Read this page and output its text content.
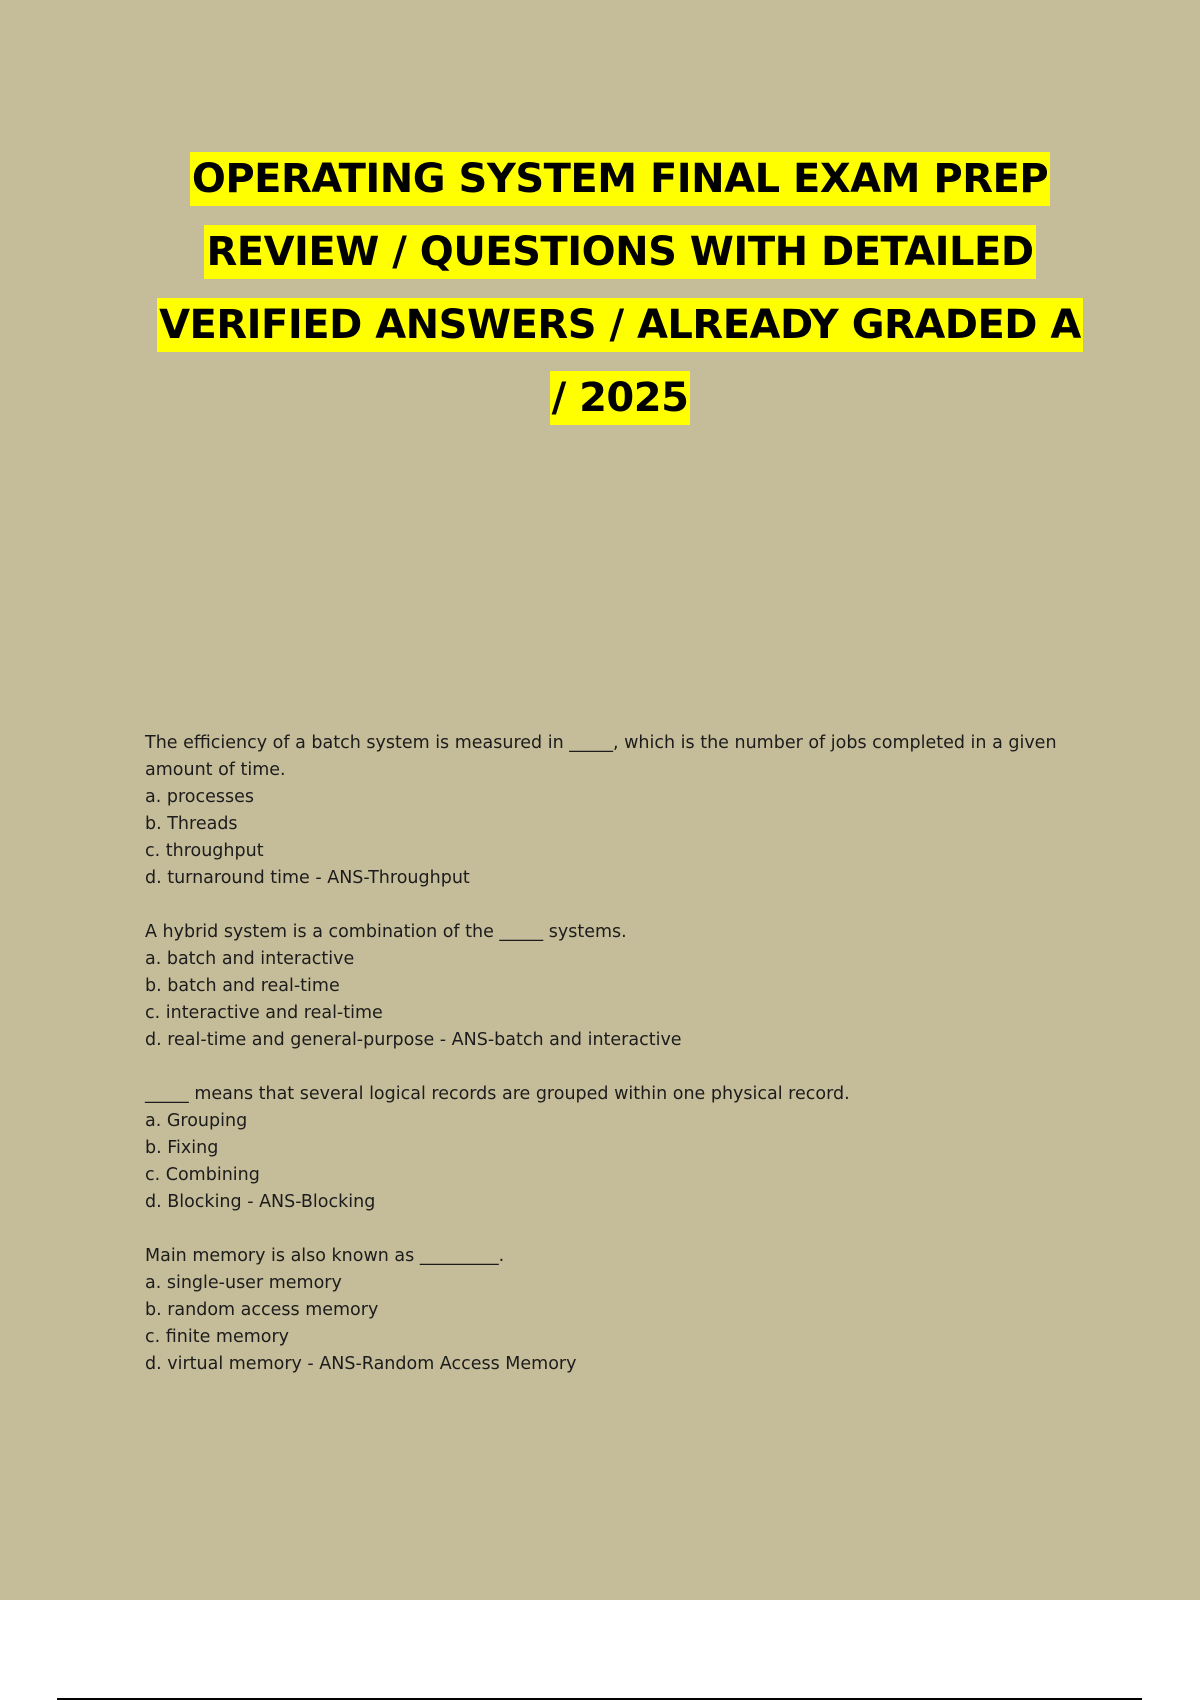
OPERATING SYSTEM FINAL EXAM PREP
REVIEW / QUESTIONS WITH DETAILED
VERIFIED ANSWERS / ALREADY GRADED A
/ 2025

The efficiency of a batch system is measured in _____, which is the number of jobs completed in a given amount of time.

a. processes

b. Threads

c. throughput

d. turnaround time - ANS-Throughput

A hybrid system is a combination of the _____ systems.

a. batch and interactive

b. batch and real-time

c. interactive and real-time

d. real-time and general-purpose - ANS-batch and interactive

_____ means that several logical records are grouped within one physical record.

a. Grouping

b. Fixing

c. Combining

d. Blocking - ANS-Blocking

Main memory is also known as _________.

a. single-user memory

b. random access memory

c. finite memory

d. virtual memory - ANS-Random Access Memory
